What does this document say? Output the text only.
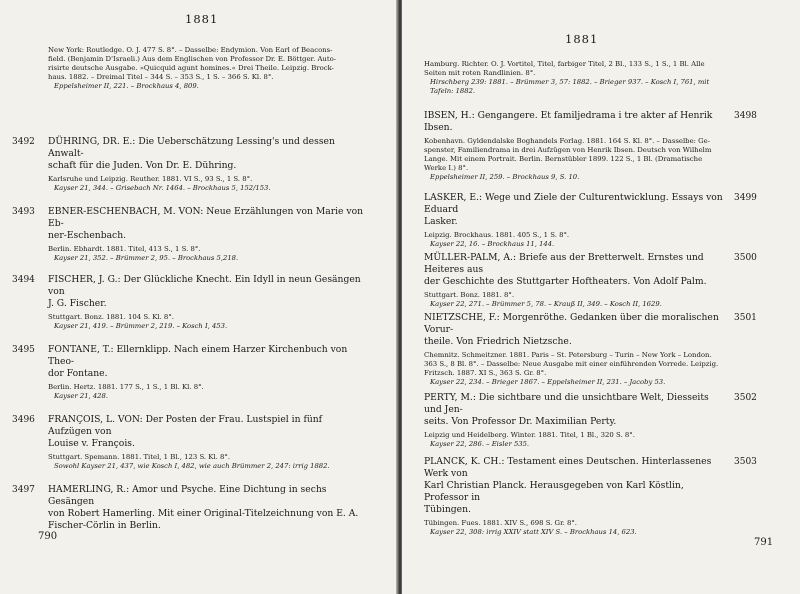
1881
New York: Routledge. O. J. 477 S. 8°. – Dasselbe: Endymion. Von Earl of Beacons-
field. (Benjamin D'Israeli.) Aus dem Englischen von Professor Dr. E. Böttger. Auto-
risirte deutsche Ausgabe. »Quicquid agunt homines.« Drei Theile. Leipzig. Brock-
haus. 1882. – Dreimal Titel – 344 S. – 353 S., 1 S. – 366 S. Kl. 8°.
Eppelsheimer II, 221. – Brockhaus 4, 809.
3492 DÜHRING, DR. E.: Die Ueberschätzung Lessing's und dessen Anwalt-
schaft für die Juden. Von Dr. E. Dühring.
Karlsruhe und Leipzig. Reuther. 1881. VI S., 93 S., 1 S. 8°.
Kayser 21, 344. – Grisebach Nr. 1464. – Brockhaus 5, 152/153.
3493 EBNER-ESCHENBACH, M. VON: Neue Erzählungen von Marie von Eb-
ner-Eschenbach.
Berlin. Ebhardt. 1881. Titel, 413 S., 1 S. 8°.
Kayser 21, 352. – Brümmer 2, 95. – Brockhaus 5,218.
3494 FISCHER, J. G.: Der Glückliche Knecht. Ein Idyll in neun Gesängen von
J. G. Fischer.
Stuttgart. Bonz. 1881. 104 S. Kl. 8°.
Kayser 21, 419. – Brümmer 2, 219. – Kosch I, 453.
3495 FONTANE, T.: Ellernklipp. Nach einem Harzer Kirchenbuch von Theo-
dor Fontane.
Berlin. Hertz. 1881. 177 S., 1 S., 1 Bl. Kl. 8°.
Kayser 21, 428.
3496 FRANÇOIS, L. VON: Der Posten der Frau. Lustspiel in fünf Aufzügen von
Louise v. François.
Stuttgart. Spemann. 1881. Titel, 1 Bl., 123 S. Kl. 8°.
Sowohl Kayser 21, 437, wie Kosch I, 482, wie auch Brümmer 2, 247: irrig 1882.
3497 HAMERLING, R.: Amor und Psyche. Eine Dichtung in sechs Gesängen
von Robert Hamerling. Mit einer Original-Titelzeichnung von E. A.
Fischer-Cörlin in Berlin.
790
1881
Hamburg. Richter. O. J. Vortitel, Titel, farbiger Titel, 2 Bl., 133 S., 1 S., 1 Bl. Alle
Seiten mit roten Randlinien. 8°.
Hirschberg 239: 1881. – Brümmer 3, 57: 1882. – Brieger 937. – Kosch I, 761, mit Tafeln: 1882.
3498
IBSEN, H.: Gengangere. Et familjedrama i tre akter af Henrik Ibsen.
Kobenhavn. Gyldendalske Boghandels Forlag. 1881. 164 S. Kl. 8°. – Dasselbe: Ge-
spenster, Familiendrama in drei Aufzügen von Henrik Ibsen. Deutsch von Wilhelm
Lange. Mit einem Portrait. Berlin. Bernstübler 1899. 122 S., 1 Bl. (Dramatische
Werke I.) 8°.
Eppelsheimer II, 259. – Brockhaus 9, S. 10.
3499
LASKER, E.: Wege und Ziele der Culturentwicklung. Essays von Eduard
Lasker.
Leipzig. Brockhaus. 1881. 405 S., 1 S. 8°.
Kayser 22, 16. – Brockhaus 11, 144.
3500
MÜLLER-PALM, A.: Briefe aus der Bretterwelt. Ernstes und Heiteres aus
der Geschichte des Stuttgarter Hoftheaters. Von Adolf Palm.
Stuttgart. Bonz. 1881. 8°.
Kayser 22, 271. – Brümmer 5, 78. – Krauß II, 349. – Kosch II, 1629.
3501
NIETZSCHE, F.: Morgenröthe. Gedanken über die moralischen Vorur-
theile. Von Friedrich Nietzsche.
Chemnitz. Schmeitzner. 1881. Paris – St. Petersburg – Turin – New York – London.
363 S., 8 Bl. 8°. – Dasselbe: Neue Ausgabe mit einer einführenden Vorrede. Leipzig.
Fritzsch. 1887. XI S., 363 S. Gr. 8°.
Kayser 22, 234. – Brieger 1867. – Eppelsheimer II, 231. – Jacoby 53.
3502
PERTY, M.: Die sichtbare und die unsichtbare Welt, Diesseits und Jen-
seits. Von Professor Dr. Maximilian Perty.
Leipzig und Heidelberg. Winter. 1881. Titel, 1 Bl., 320 S. 8°.
Kayser 22, 286. – Eisler 535.
3503
PLANCK, K. CH.: Testament eines Deutschen. Hinterlassenes Werk von
Karl Christian Planck. Herausgegeben von Karl Köstlin, Professor in
Tübingen.
Tübingen. Fues. 1881. XIV S., 698 S. Gr. 8°.
Kayser 22, 308: irrig XXIV statt XIV S. – Brockhaus 14, 623.
791
